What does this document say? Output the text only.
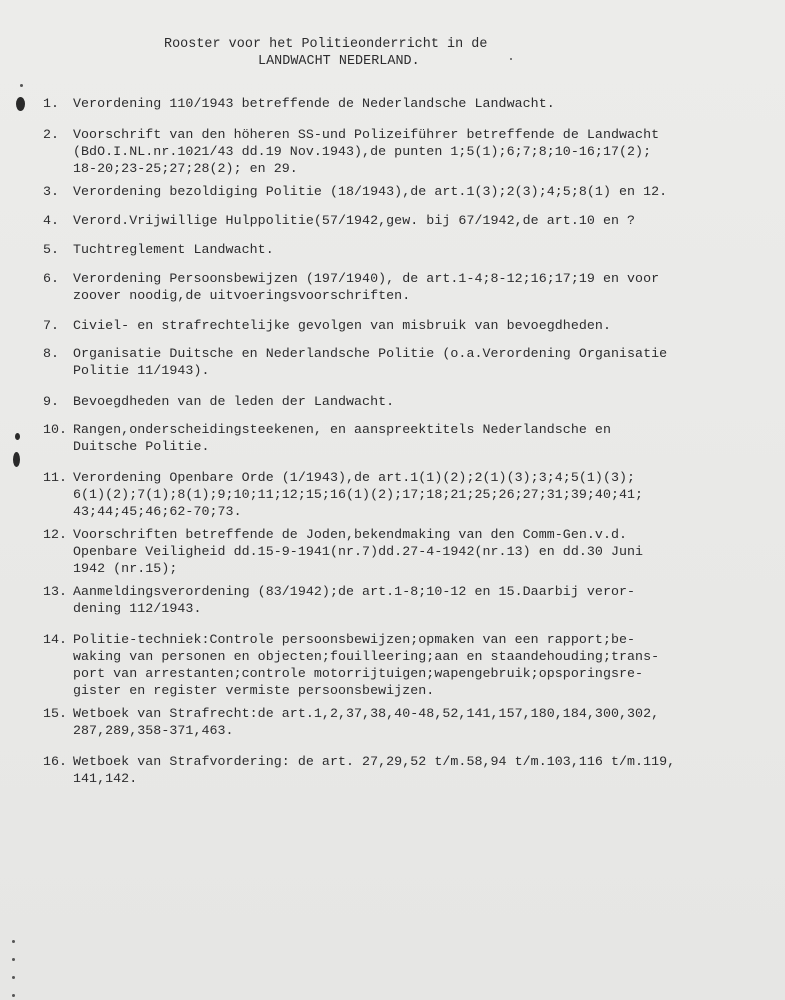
Rooster voor het Politieonderricht in de
LANDWACHT NEDERLAND.
1.	Verordening 110/1943 betreffende de Nederlandsche Landwacht.
2.	Voorschrift van den höheren SS-und Polizeiführer betreffende de Landwacht
(BdO.I.NL.nr.1021/43 dd.19 Nov.1943),de punten 1;5(1);6;7;8;10-16;17(2);
18-20;23-25;27;28(2); en 29.
3.	Verordening bezoldiging Politie (18/1943),de art.1(3);2(3);4;5;8(1) en 12.
4.	Verord.Vrijwillige Hulppolitie(57/1942,gew. bij 67/1942,de art.10 en ?
5.	Tuchtreglement Landwacht.
6.	Verordening Persoonsbewijzen (197/1940), de art.1-4;8-12;16;17;19 en voor
zoover noodig,de uitvoeringsvoorschriften.
7.	Civiel- en strafrechtelijke gevolgen van misbruik van bevoegdheden.
8.	Organisatie Duitsche en Nederlandsche Politie (o.a.Verordening Organisatie
Politie 11/1943).
9.	Bevoegdheden van de leden der Landwacht.
10. Rangen,onderscheidingsteekenen, en aanspreektitels Nederlandsche en
Duitsche Politie.
11. Verordening Openbare Orde (1/1943),de art.1(1)(2);2(1)(3);3;4;5(1)(3);
6(1)(2);7(1);8(1);9;10;11;12;15;16(1)(2);17;18;21;25;26;27;31;39;40;41;
43;44;45;46;62-70;73.
12. Voorschriften betreffende de Joden,bekendmaking van den Comm-Gen.v.d.
Openbare Veiligheid dd.15-9-1941(nr.7)dd.27-4-1942(nr.13) en dd.30 Juni
1942 (nr.15);
13. Aanmeldingsverordening (83/1942);de art.1-8;10-12 en 15.Daarbij veror-
dening 112/1943.
14. Politie-techniek:Controle persoonsbewijzen;opmaken van een rapport;be-
waking van personen en objecten;fouilleering;aan en staandehouding;trans-
port van arrestanten;controle motorrijtuigen;wapengebruik;opsporingsre-
gister en register vermiste persoonsbewijzen.
15. Wetboek van Strafrecht:de art.1,2,37,38,40-48,52,141,157,180,184,300,302,
287,289,358-371,463.
16. Wetboek van Strafvordering: de art. 27,29,52 t/m.58,94 t/m.103,116 t/m.119,
141,142.
